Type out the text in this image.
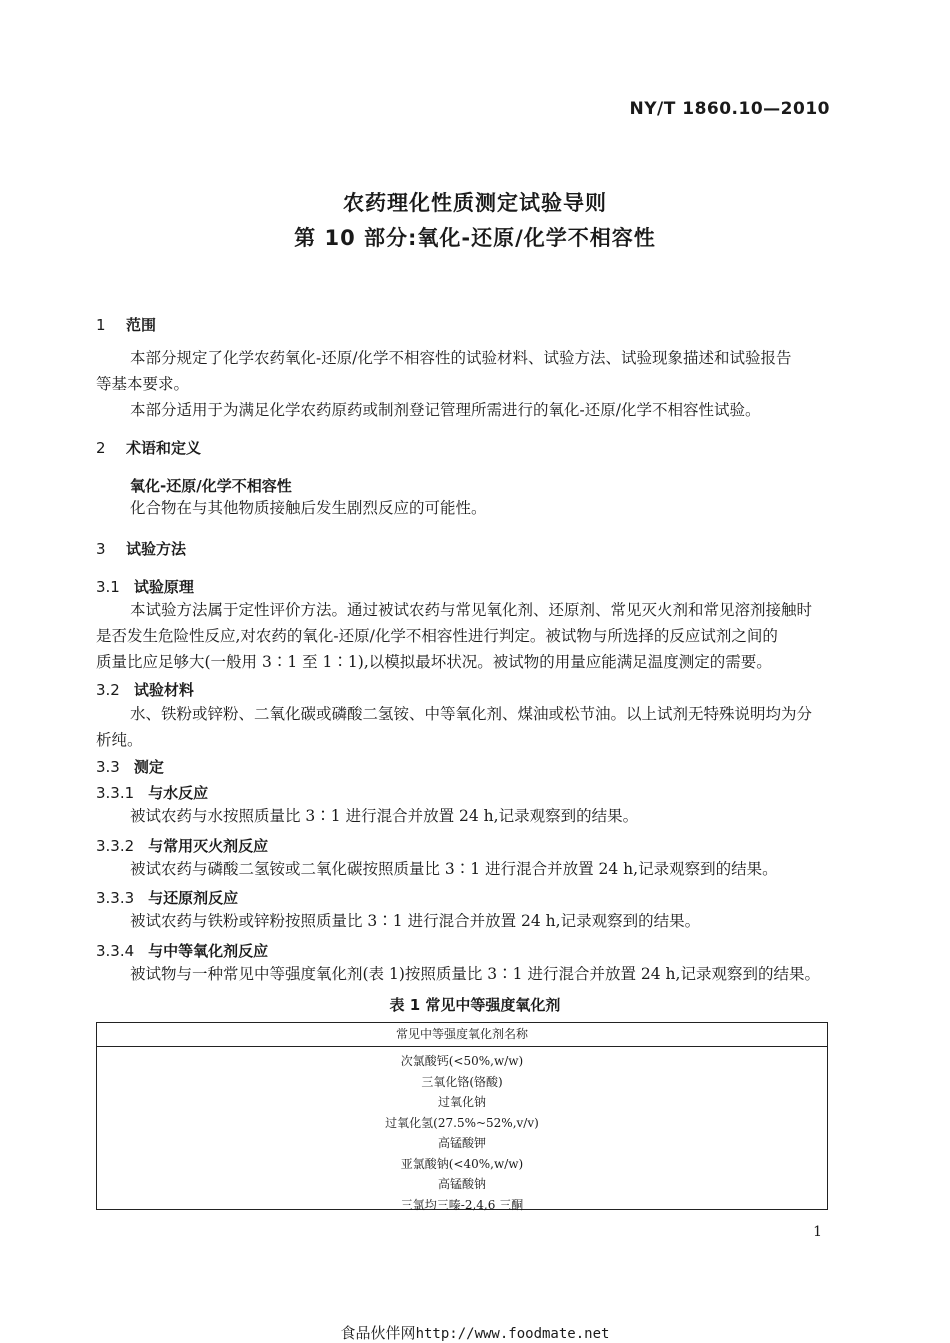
NY/T 1860.10—2010
农药理化性质测定试验导则
第 10 部分:氧化-还原/化学不相容性
1 范围
本部分规定了化学农药氧化-还原/化学不相容性的试验材料、试验方法、试验现象描述和试验报告
等基本要求。
本部分适用于为满足化学农药原药或制剂登记管理所需进行的氧化-还原/化学不相容性试验。
2 术语和定义
氧化-还原/化学不相容性
化合物在与其他物质接触后发生剧烈反应的可能性。
3 试验方法
3.1 试验原理
本试验方法属于定性评价方法。通过被试农药与常见氧化剂、还原剂、常见灭火剂和常见溶剂接触时
是否发生危险性反应,对农药的氧化-还原/化学不相容性进行判定。被试物与所选择的反应试剂之间的
质量比应足够大(一般用 3∶1 至 1∶1),以模拟最坏状况。被试物的用量应能满足温度测定的需要。
3.2 试验材料
水、铁粉或锌粉、二氧化碳或磷酸二氢铵、中等氧化剂、煤油或松节油。以上试剂无特殊说明均为分
析纯。
3.3 测定
3.3.1 与水反应
被试农药与水按照质量比 3∶1 进行混合并放置 24 h,记录观察到的结果。
3.3.2 与常用灭火剂反应
被试农药与磷酸二氢铵或二氧化碳按照质量比 3∶1 进行混合并放置 24 h,记录观察到的结果。
3.3.3 与还原剂反应
被试农药与铁粉或锌粉按照质量比 3∶1 进行混合并放置 24 h,记录观察到的结果。
3.3.4 与中等氧化剂反应
被试物与一种常见中等强度氧化剂(表 1)按照质量比 3∶1 进行混合并放置 24 h,记录观察到的结果。
表 1 常见中等强度氧化剂
常见中等强度氧化剂名称
次氯酸钙(<50%,w/w)
三氧化铬(铬酸)
过氧化钠
过氧化氢(27.5%~52%,v/v)
高锰酸钾
亚氯酸钠(<40%,w/w)
高锰酸钠
三氯均三嗪-2,4,6 三酮
1
食品伙伴网http://www.foodmate.net
